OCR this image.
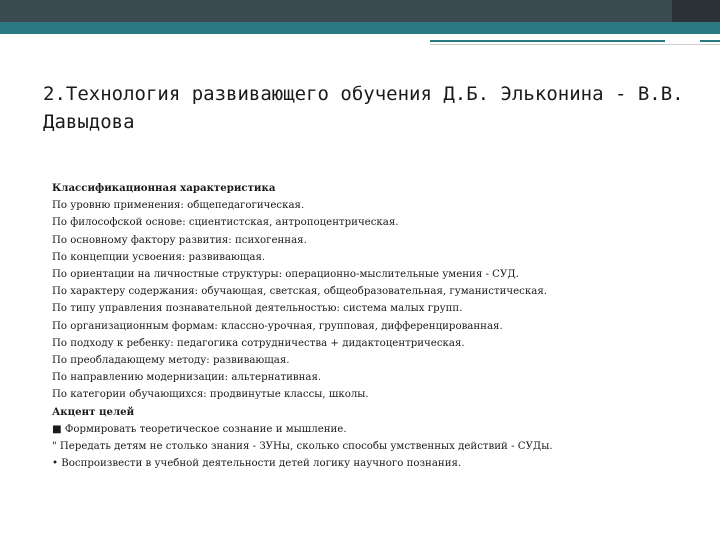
2.Технология развивающего обучения Д.Б. Эльконина - В.В. Давыдова
Классификационная характеристика
По уровню применения: общепедагогическая.
По философской основе: сциентистская, антропоцентрическая.
По основному фактору развития: психогенная.
По концепции усвоения: развивающая.
По ориентации на личностные структуры: операционно-мыслительные умения - СУД.
По характеру содержания: обучающая, светская, общеобразовательная, гуманистическая.
По типу управления познавательной деятельностью: система малых групп.
По организационным формам: классно-урочная, групповая, дифференцированная.
По подходу к ребенку: педагогика сотрудничества + дидактоцентрическая.
По преобладающему методу: развивающая.
По направлению модернизации: альтернативная.
По категории обучающихся: продвинутые классы, школы.
Акцент целей
■ Формировать теоретическое сознание и мышление.
" Передать детям не столько знания - ЗУНы, сколько способы умственных действий - СУДы.
• Воспроизвести в учебной деятельности детей логику научного познания.
